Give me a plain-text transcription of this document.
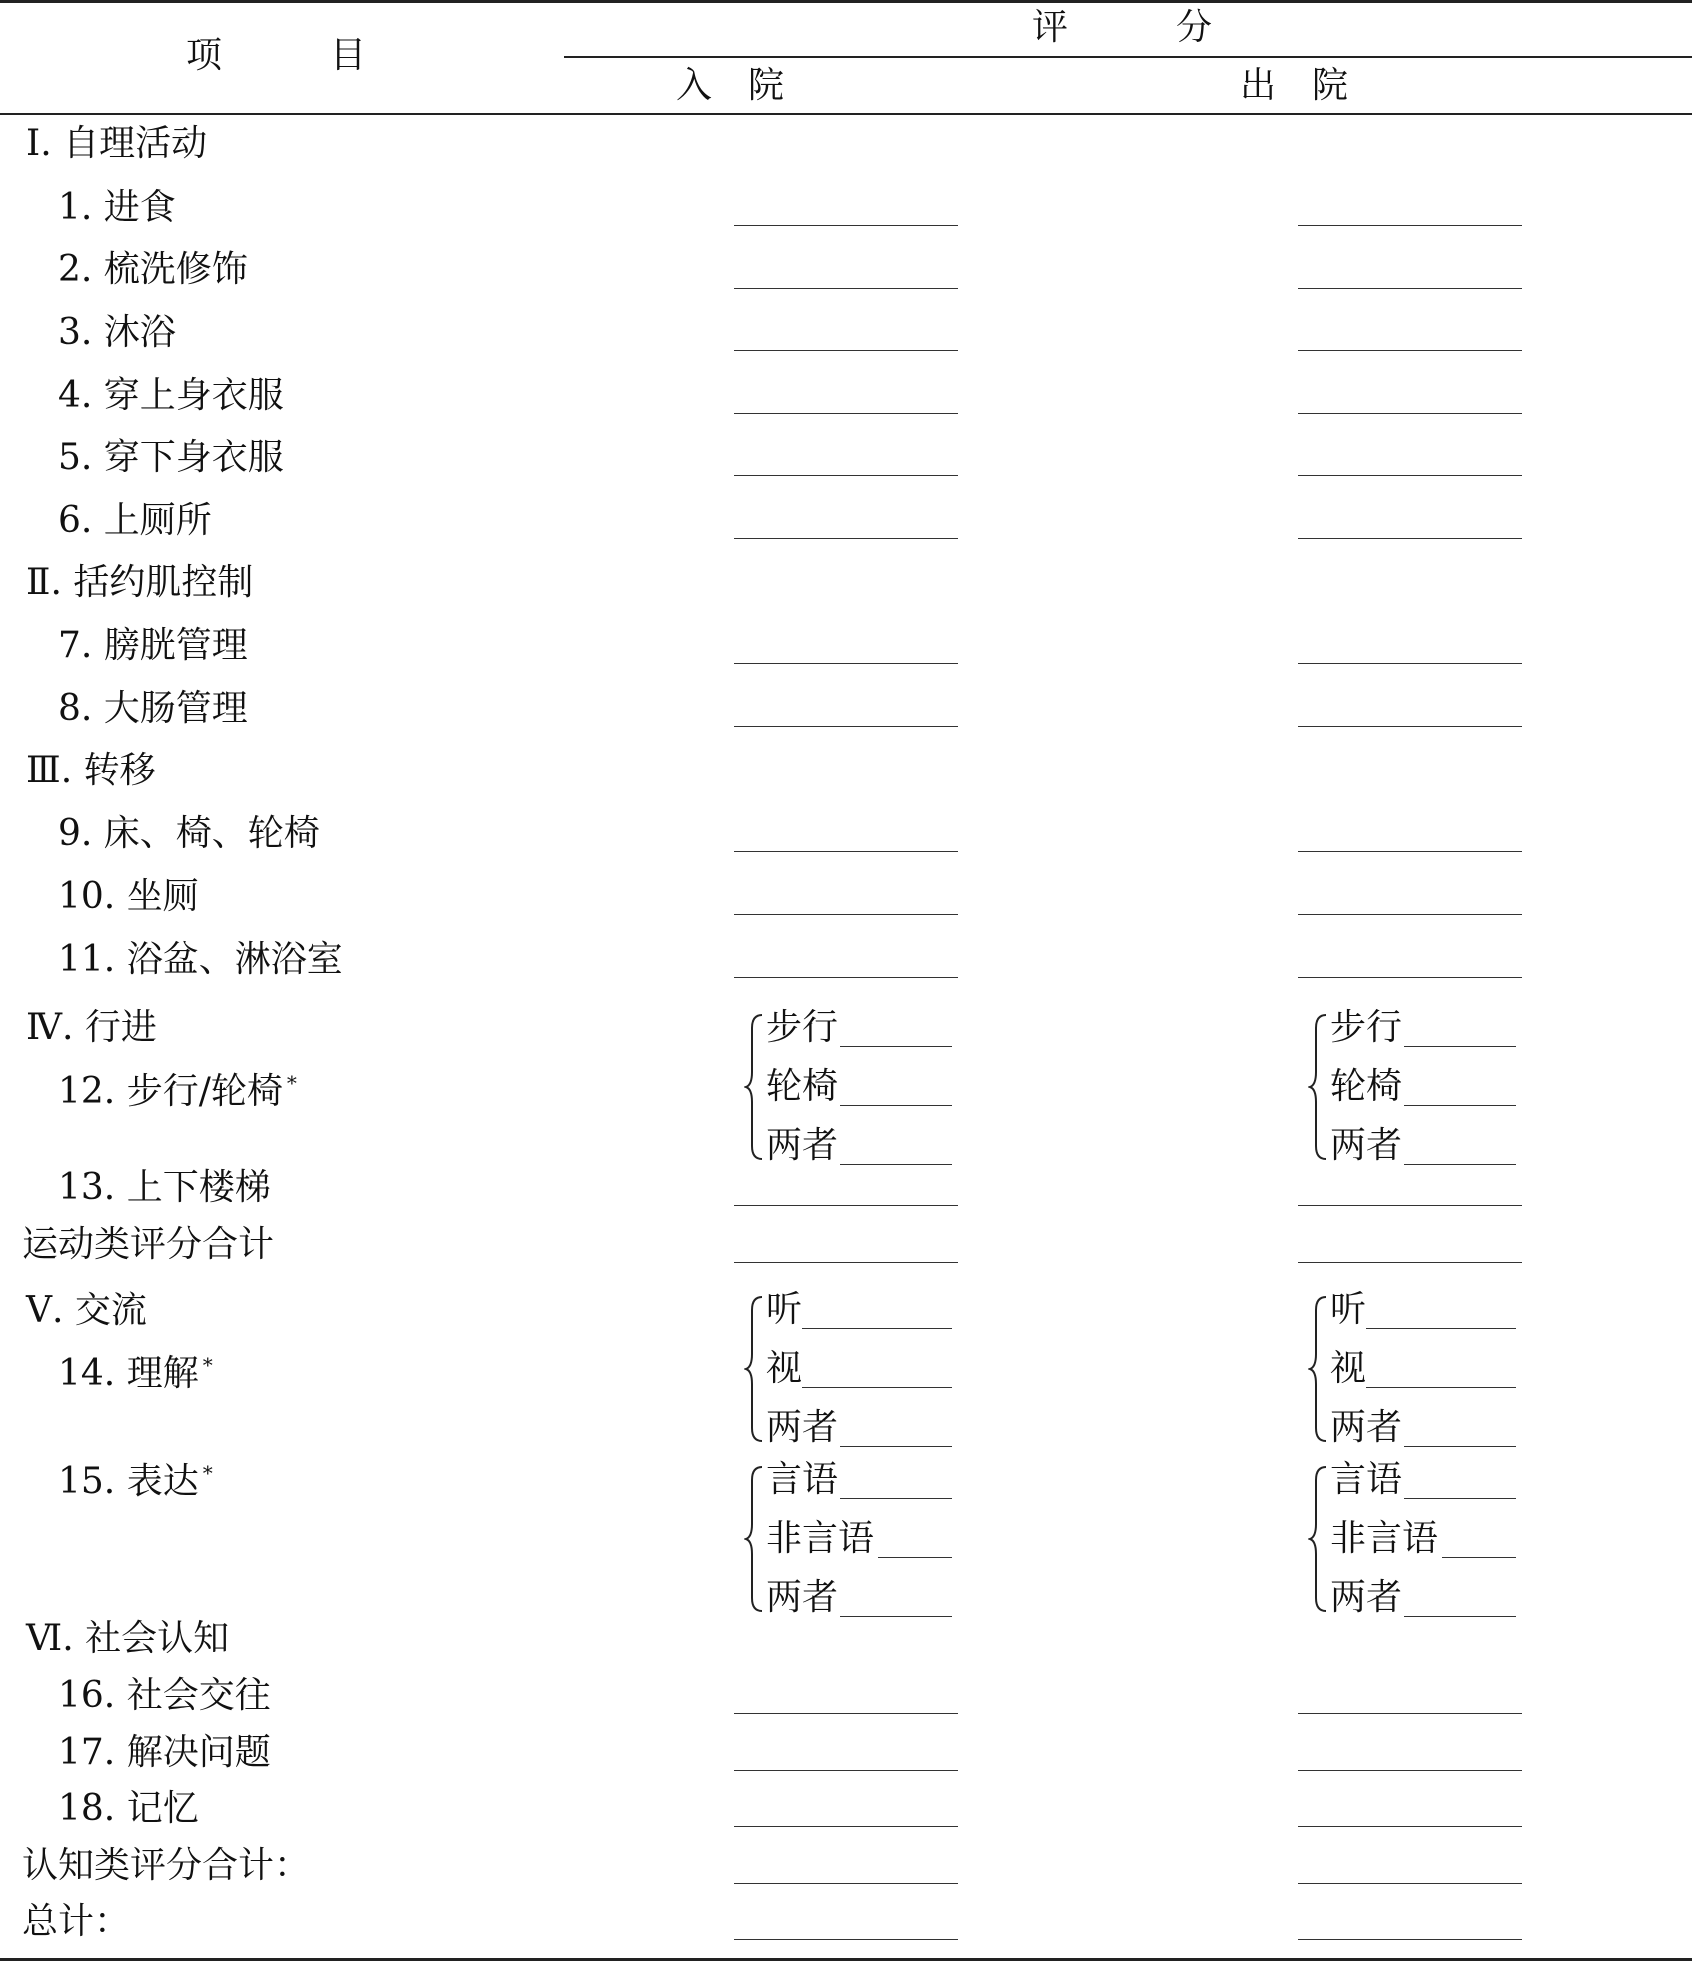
项　　　目
评　　　分
入　院	出　院
Ⅰ. 自理活动
1. 进食
2. 梳洗修饰
3. 沐浴
4. 穿上身衣服
5. 穿下身衣服
6. 上厕所
Ⅱ. 括约肌控制
7. 膀胱管理
8. 大肠管理
Ⅲ. 转移
9. 床、椅、轮椅
10. 坐厕
11. 浴盆、淋浴室
Ⅳ. 行进
12. 步行/轮椅 *
13. 上下楼梯
运动类评分合计
Ⅴ. 交流
14. 理解 *
15. 表达 *
Ⅵ. 社会认知
16. 社会交往
17. 解决问题
18. 记忆
认知类评分合计：
总计：
步行
轮椅
两者
步行
轮椅
两者
听
视
两者
听
视
两者
言语
非言语
两者
言语
非言语
两者
